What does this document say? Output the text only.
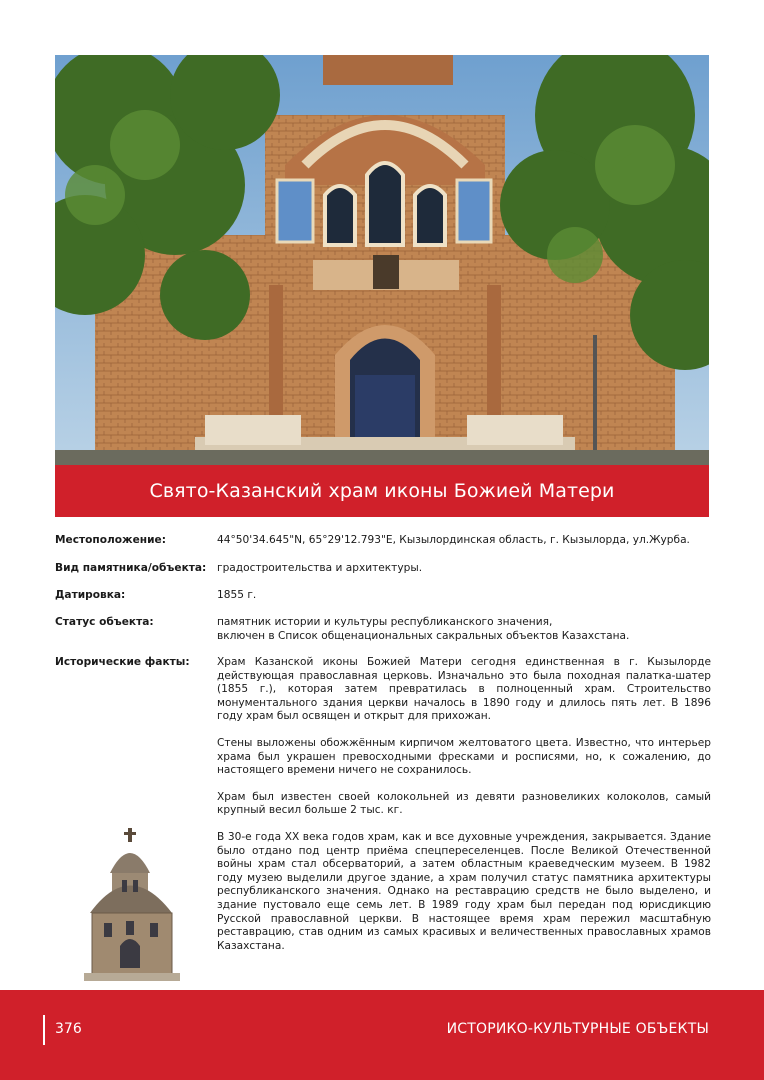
Свято-Казанский храм иконы Божией Матери
Местоположение:	44°50'34.645"N, 65°29'12.793"E, Кызылординская область, г. Кызылорда, ул.Журба.
Вид памятника/объекта:	градостроительства и архитектуры.
Датировка:	1855 г.
Статус объекта:	памятник истории и культуры республиканского значения,
включен в Список общенациональных сакральных объектов Казахстана.
Исторические факты:	Храм Казанской иконы Божией Матери сегодня единственная в г. Кызылорде действующая православная церковь. Изначально это была походная палатка-шатер (1855 г.), которая затем превратилась в полноценный храм. Строительство монументального здания церкви началось в 1890 году и длилось пять лет. В 1896 году храм был освящен и открыт для прихожан.

Стены выложены обожжённым кирпичом желтоватого цвета. Известно, что интерьер храма был украшен превосходными фресками и росписями, но, к сожалению, до настоящего времени ничего не сохранилось.

Храм был известен своей колокольней из девяти разновеликих колоколов, самый крупный весил больше 2 тыс. кг.

В 30-е года XX века годов храм, как и все духовные учреждения, закрывается. Здание было отдано под центр приёма спецпереселенцев. После Великой Отечественной войны храм стал обсерваторий, а затем областным краеведческим музеем. В 1982 году музею выделили другое здание, а храм получил статус памятника архитектуры республиканского значения. Однако на реставрацию средств не было выделено, и здание пустовало еще семь лет. В 1989 году храм был передан под юрисдикцию Русской православной церкви. В настоящее время храм пережил масштабную реставрацию, став одним из самых красивых и величественных православных храмов Казахстана.

376	ИСТОРИКО-КУЛЬТУРНЫЕ ОБЪЕКТЫ
